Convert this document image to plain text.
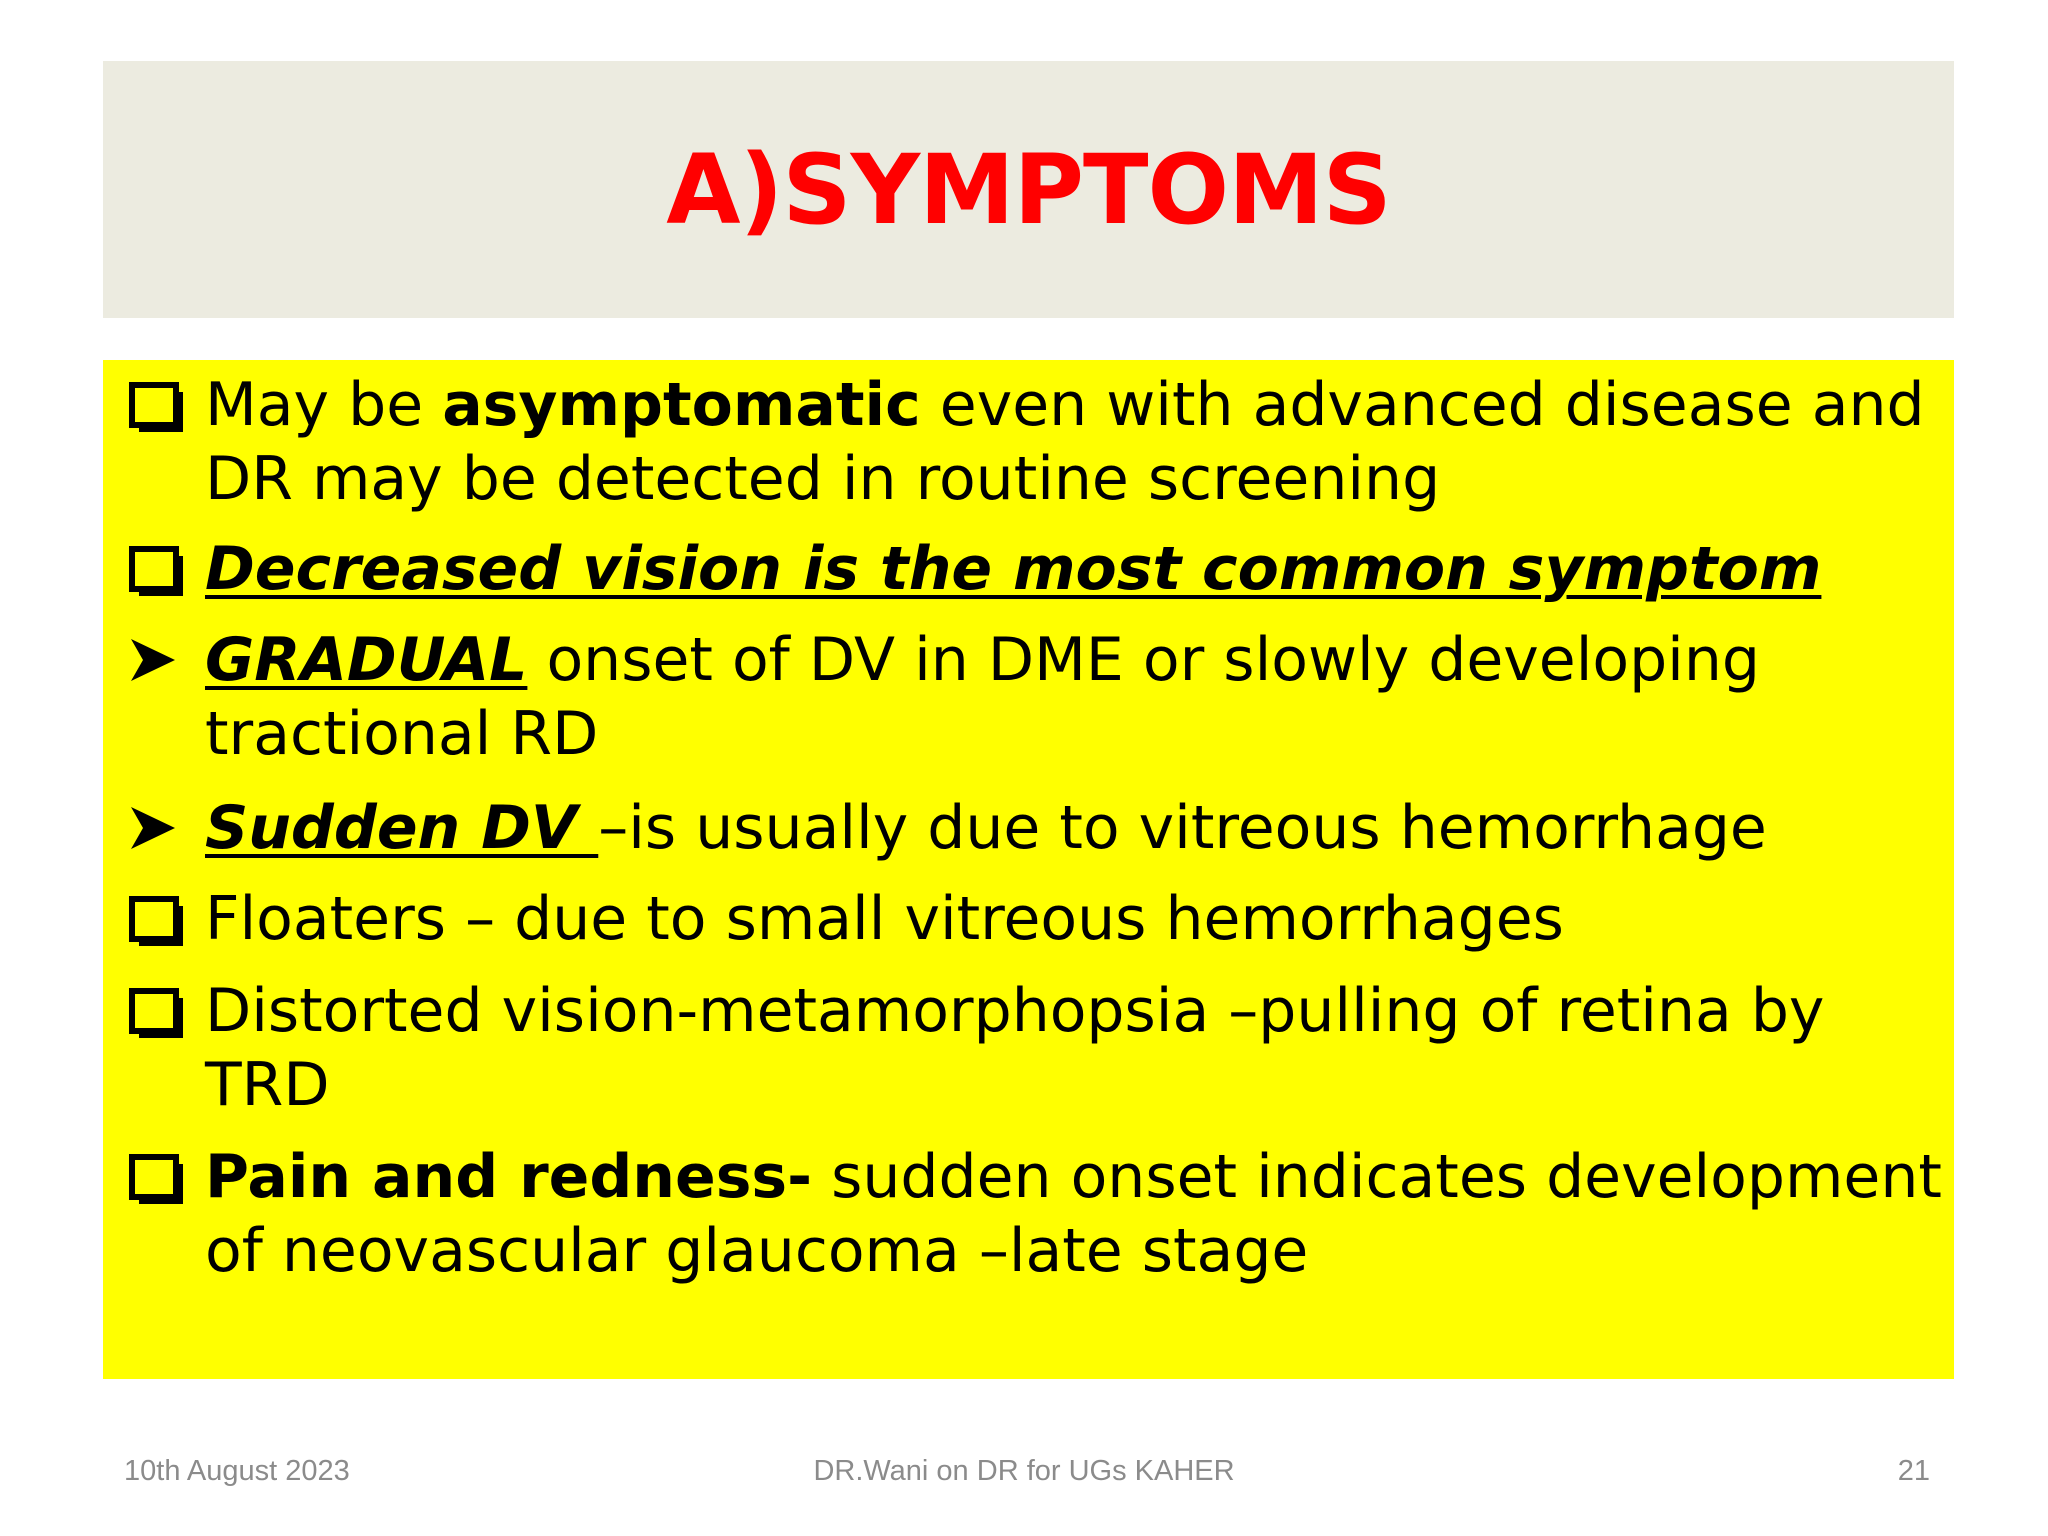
A)SYMPTOMS
May be asymptomatic even with advanced disease and DR may be detected in routine screening
Decreased vision is the most common symptom
GRADUAL onset of DV in DME or slowly developing tractional RD
Sudden DV –is usually due to vitreous hemorrhage
Floaters – due to small vitreous hemorrhages
Distorted vision-metamorphopsia –pulling of retina by TRD
Pain and redness- sudden onset indicates development of neovascular glaucoma –late stage
10th August 2023	DR.Wani on DR for UGs KAHER	21
